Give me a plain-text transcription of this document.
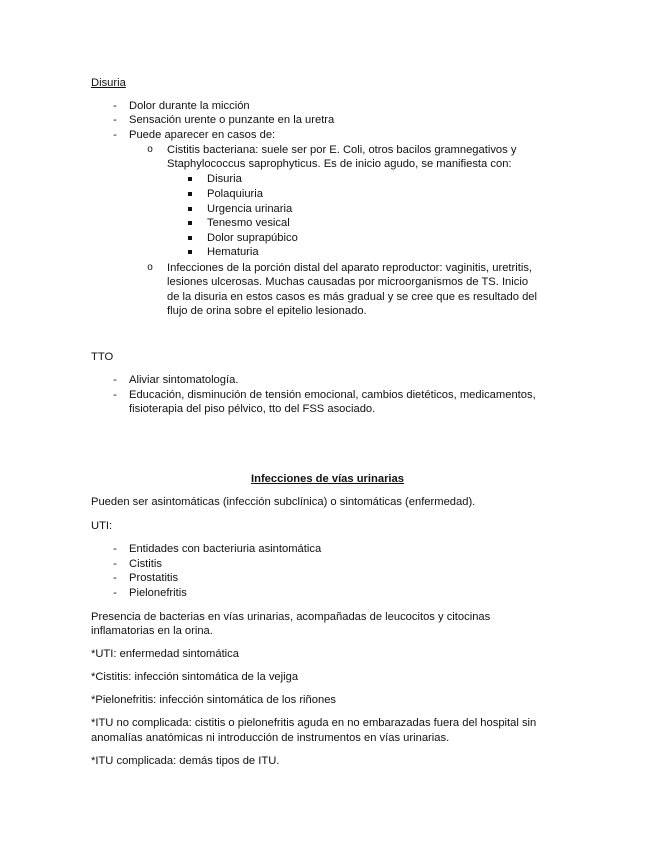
Disuria
- Dolor durante la micción
- Sensación urente o punzante en la uretra
- Puede aparecer en casos de:
o Cistitis bacteriana: suele ser por E. Coli, otros bacilos gramnegativos y
Staphylococcus saprophyticus. Es de inicio agudo, se manifiesta con:
Disuria
Polaquiuria
Urgencia urinaria
Tenesmo vesical
Dolor suprapúbico
Hematuria
o Infecciones de la porción distal del aparato reproductor: vaginitis, uretritis,
lesiones ulcerosas. Muchas causadas por microorganismos de TS. Inicio
de la disuria en estos casos es más gradual y se cree que es resultado del
flujo de orina sobre el epitelio lesionado.
TTO
- Aliviar sintomatología.
- Educación, disminución de tensión emocional, cambios dietéticos, medicamentos,
fisioterapia del piso pélvico, tto del FSS asociado.
Infecciones de vías urinarias
Pueden ser asintomáticas (infección subclínica) o sintomáticas (enfermedad).
UTI:
- Entidades con bacteriuria asintomática
- Cistitis
- Prostatitis
- Pielonefritis
Presencia de bacterias en vías urinarias, acompañadas de leucocitos y citocinas
inflamatorias en la orina.
*UTI: enfermedad sintomática
*Cistitis: infección sintomática de la vejiga
*Pielonefritis: infección sintomática de los riñones
*ITU no complicada: cistitis o pielonefritis aguda en no embarazadas fuera del hospital sin
anomalías anatómicas ni introducción de instrumentos en vías urinarias.
*ITU complicada: demás tipos de ITU.
